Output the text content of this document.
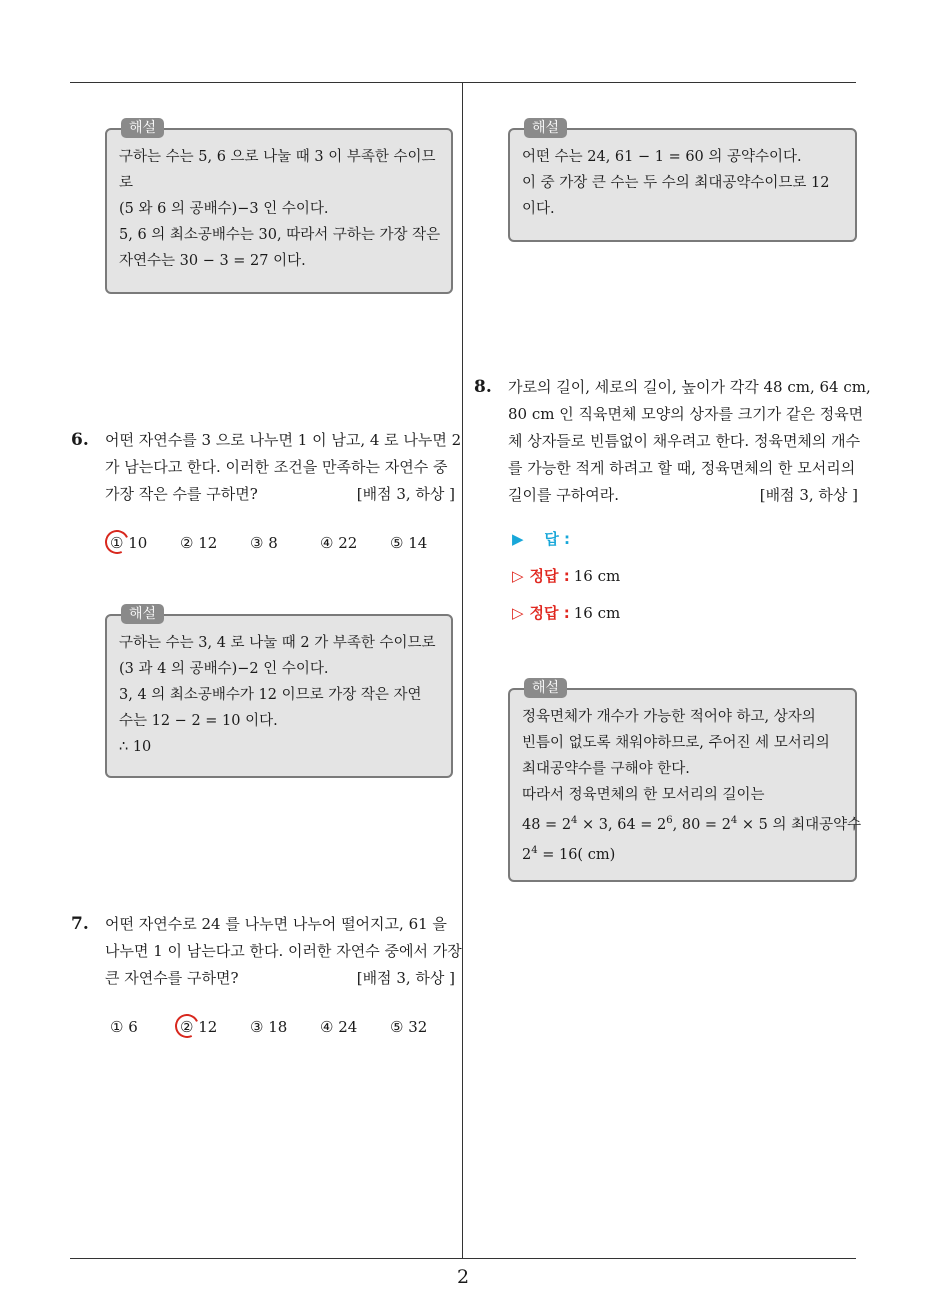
해설
구하는 수는 5, 6 으로 나눌 때 3 이 부족한 수이므
로
(5 와 6 의 공배수)−3 인 수이다.
5, 6 의 최소공배수는 30, 따라서 구하는 가장 작은
자연수는 30 − 3 = 27 이다.
6. 어떤 자연수를 3 으로 나누면 1 이 남고, 4 로 나누면 2
가 남는다고 한다. 이러한 조건을 만족하는 자연수 중
가장 작은 수를 구하면?	[배점 3, 하상 ]
① 10 ② 12 ③ 8	④ 22 ⑤ 14
해설
구하는 수는 3, 4 로 나눌 때 2 가 부족한 수이므로
(3 과 4 의 공배수)−2 인 수이다.
3, 4 의 최소공배수가 12 이므로 가장 작은 자연
수는 12 − 2 = 10 이다.
∴ 10
7. 어떤 자연수로 24 를 나누면 나누어 떨어지고, 61 을
나누면 1 이 남는다고 한다. 이러한 자연수 중에서 가장
큰 자연수를 구하면?	[배점 3, 하상 ]
① 6	② 12 ③ 18 ④ 24 ⑤ 32
해설
어떤 수는 24, 61 − 1 = 60 의 공약수이다.
이 중 가장 큰 수는 두 수의 최대공약수이므로 12
이다.
8. 가로의 길이, 세로의 길이, 높이가 각각 48 cm, 64 cm,
80 cm 인 직육면체 모양의 상자를 크기가 같은 정육면
체 상자들로 빈틈없이 채우려고 한다. 정육면체의 개수
를 가능한 적게 하려고 할 때, 정육면체의 한 모서리의
길이를 구하여라.	[배점 3, 하상 ]
▶ 답 :
▷ 정답 : 16 cm
▷ 정답 : 16 cm
해설
정육면체가 개수가 가능한 적어야 하고, 상자의
빈틈이 없도록 채워야하므로, 주어진 세 모서리의
최대공약수를 구해야 한다.
따라서 정육면체의 한 모서리의 길이는
$48 = 2^4 \times 3$, $64 = 2^6$, $80 = 2^4 \times 5$ 의 최대공약수
$2^4 = 16$( cm)
2
